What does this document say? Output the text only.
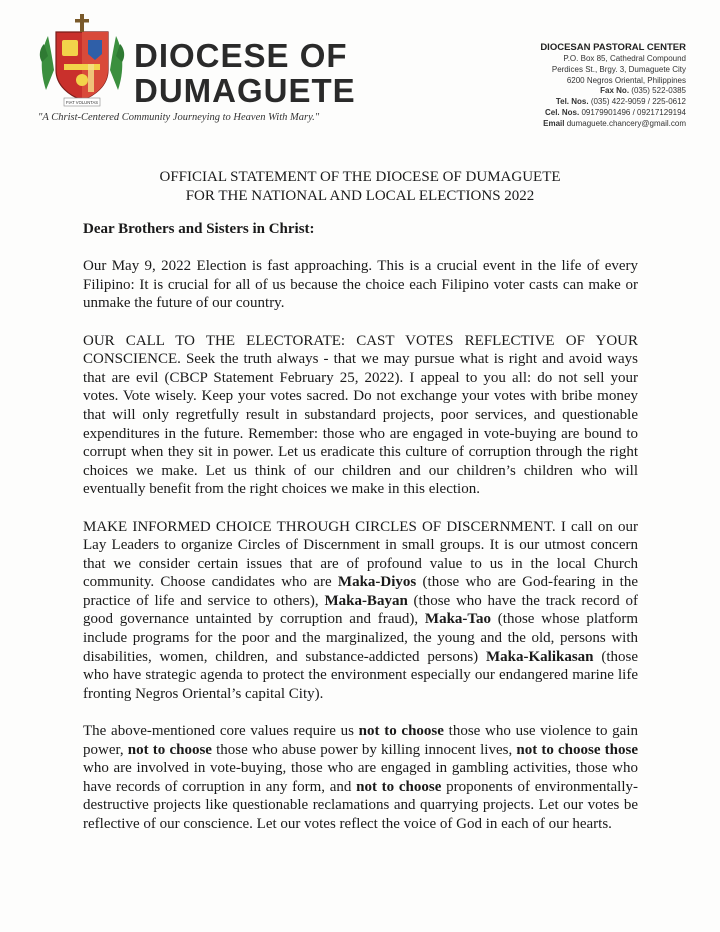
FIAT VOLUNTAS
DIOCESE OF
DUMAGUETE
"A Christ-Centered Community Journeying to Heaven With Mary."
DIOCESAN PASTORAL CENTER
P.O. Box 85, Cathedral Compound
Perdices St., Brgy. 3, Dumaguete City
6200 Negros Oriental, Philippines
Fax No. (035) 522-0385
Tel. Nos. (035) 422-9059 / 225-0612
Cel. Nos. 09179901496 / 09217129194
Email dumaguete.chancery@gmail.com
OFFICIAL STATEMENT OF THE DIOCESE OF DUMAGUETE
FOR THE NATIONAL AND LOCAL ELECTIONS 2022

Dear Brothers and Sisters in Christ:

Our May 9, 2022 Election is fast approaching. This is a crucial event in the life of every Filipino: It is crucial for all of us because the choice each Filipino voter casts can make or unmake the future of our country.

OUR CALL TO THE ELECTORATE: CAST VOTES REFLECTIVE OF YOUR CONSCIENCE. Seek the truth always - that we may pursue what is right and avoid ways that are evil (CBCP Statement February 25, 2022). I appeal to you all: do not sell your votes. Vote wisely. Keep your votes sacred. Do not exchange your votes with bribe money that will only regretfully result in substandard projects, poor services, and questionable expenditures in the future. Remember: those who are engaged in vote-buying are bound to corrupt when they sit in power. Let us eradicate this culture of corruption through the right choices we make. Let us think of our children and our children’s children who will eventually benefit from the right choices we make in this election.

MAKE INFORMED CHOICE THROUGH CIRCLES OF DISCERNMENT. I call on our Lay Leaders to organize Circles of Discernment in small groups. It is our utmost concern that we consider certain issues that are of profound value to us in the local Church community. Choose candidates who are Maka-Diyos (those who are God-fearing in the practice of life and service to others), Maka-Bayan (those who have the track record of good governance untainted by corruption and fraud), Maka-Tao (those whose platform include programs for the poor and the marginalized, the young and the old, persons with disabilities, women, children, and substance-addicted persons) Maka-Kalikasan (those who have strategic agenda to protect the environment especially our endangered marine life fronting Negros Oriental’s capital City).

The above-mentioned core values require us not to choose those who use violence to gain power, not to choose those who abuse power by killing innocent lives, not to choose those who are involved in vote-buying, those who are engaged in gambling activities, those who have records of corruption in any form, and not to choose proponents of environmentally-destructive projects like questionable reclamations and quarrying projects. Let our votes be reflective of our conscience. Let our votes reflect the voice of God in each of our hearts.
